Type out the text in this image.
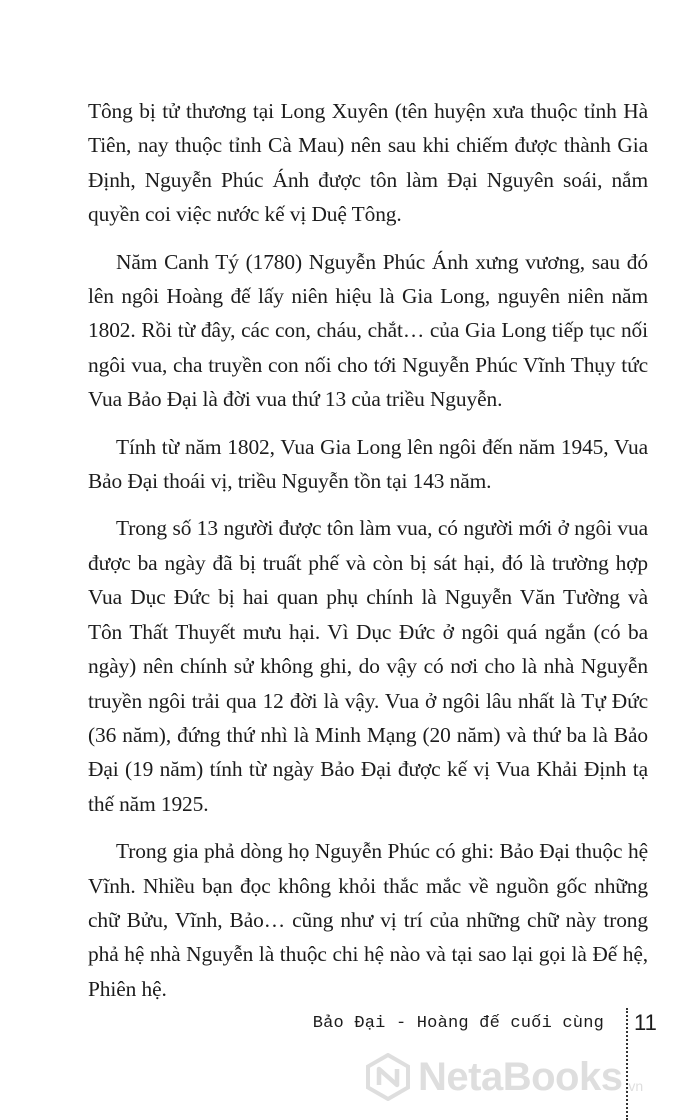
Tông bị tử thương tại Long Xuyên (tên huyện xưa thuộc tỉnh Hà Tiên, nay thuộc tỉnh Cà Mau) nên sau khi chiếm được thành Gia Định, Nguyễn Phúc Ánh được tôn làm Đại Nguyên soái, nắm quyền coi việc nước kế vị Duệ Tông.

Năm Canh Tý (1780) Nguyễn Phúc Ánh xưng vương, sau đó lên ngôi Hoàng đế lấy niên hiệu là Gia Long, nguyên niên năm 1802. Rồi từ đây, các con, cháu, chắt… của Gia Long tiếp tục nối ngôi vua, cha truyền con nối cho tới Nguyễn Phúc Vĩnh Thụy tức Vua Bảo Đại là đời vua thứ 13 của triều Nguyễn.

Tính từ năm 1802, Vua Gia Long lên ngôi đến năm 1945, Vua Bảo Đại thoái vị, triều Nguyễn tồn tại 143 năm.

Trong số 13 người được tôn làm vua, có người mới ở ngôi vua được ba ngày đã bị truất phế và còn bị sát hại, đó là trường hợp Vua Dục Đức bị hai quan phụ chính là Nguyễn Văn Tường và Tôn Thất Thuyết mưu hại. Vì Dục Đức ở ngôi quá ngắn (có ba ngày) nên chính sử không ghi, do vậy có nơi cho là nhà Nguyễn truyền ngôi trải qua 12 đời là vậy. Vua ở ngôi lâu nhất là Tự Đức (36 năm), đứng thứ nhì là Minh Mạng (20 năm) và thứ ba là Bảo Đại (19 năm) tính từ ngày Bảo Đại được kế vị Vua Khải Định tạ thế năm 1925.

Trong gia phả dòng họ Nguyễn Phúc có ghi: Bảo Đại thuộc hệ Vĩnh. Nhiều bạn đọc không khỏi thắc mắc về nguồn gốc những chữ Bửu, Vĩnh, Bảo… cũng như vị trí của những chữ này trong phả hệ nhà Nguyễn là thuộc chi hệ nào và tại sao lại gọi là Đế hệ, Phiên hệ.

Bảo Đại - Hoàng đế cuối cùng 11
NetaBooks .vn
